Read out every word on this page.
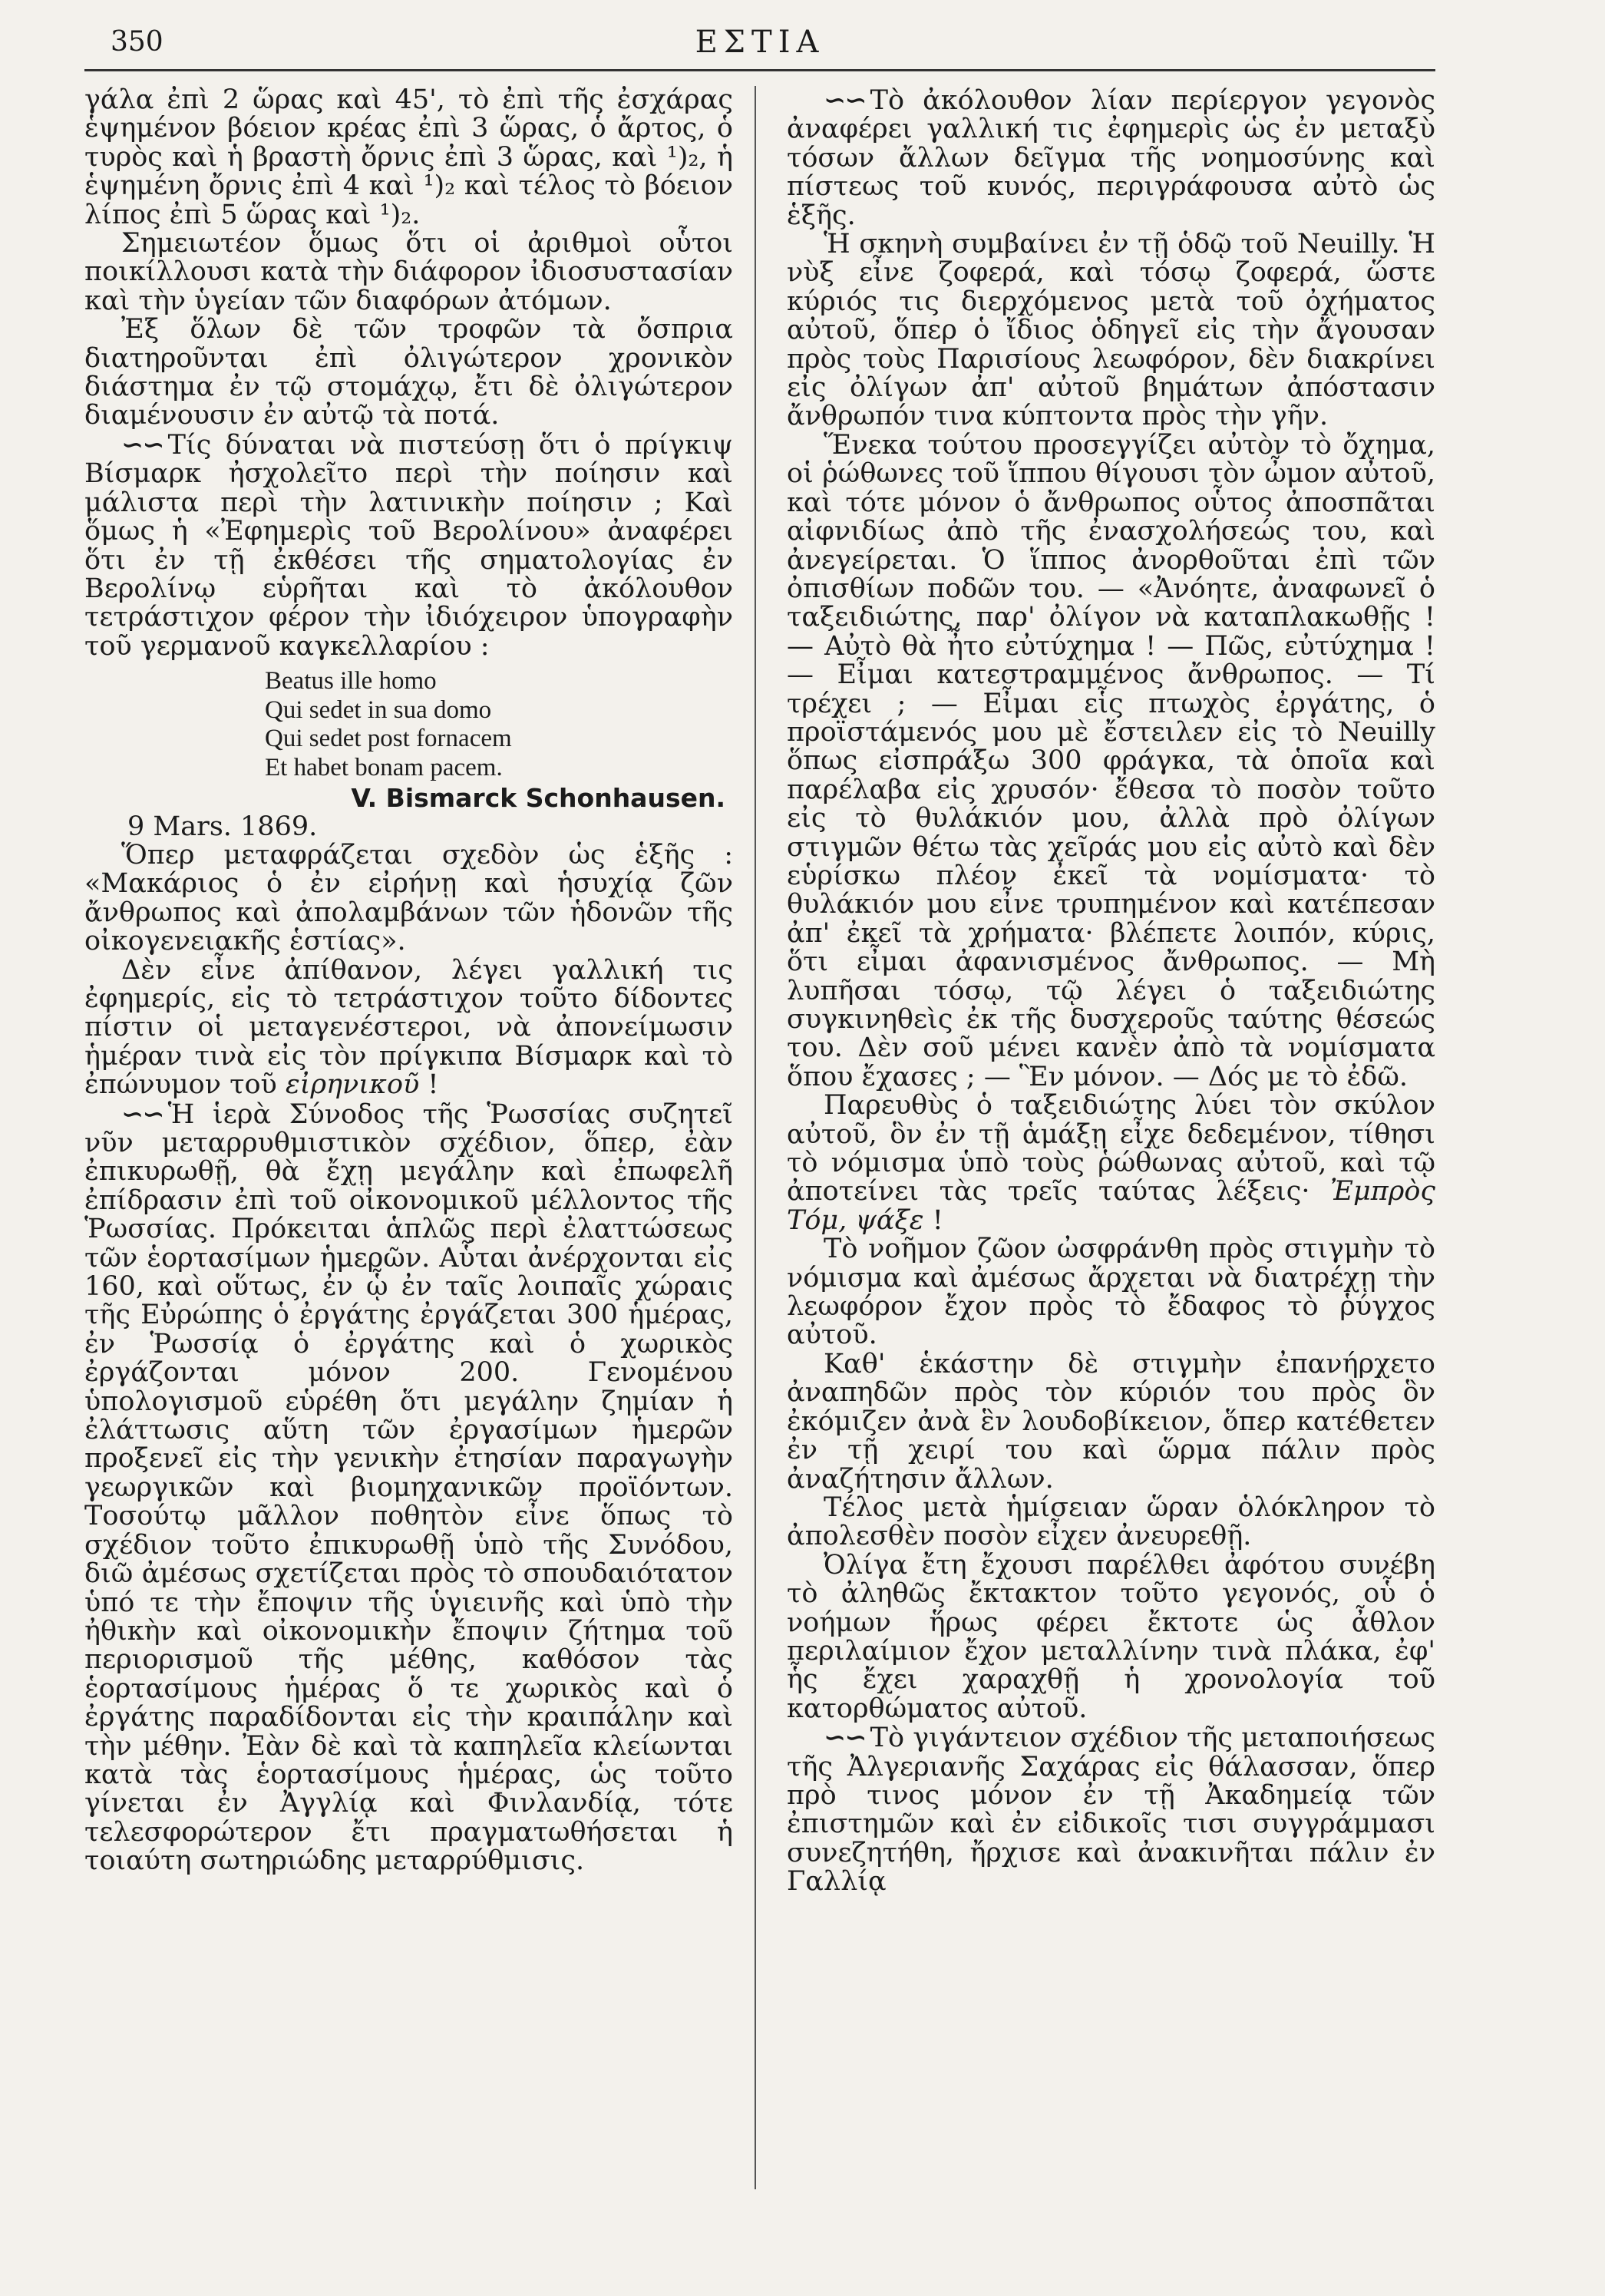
350	ΕΣΤΙΑ

γάλα ἐπὶ 2 ὥρας καὶ 45', τὸ ἐπὶ τῆς ἐσχάρας ἑψημένον βόειον κρέας ἐπὶ 3 ὥρας, ὁ ἄρτος, ὁ τυρὸς καὶ ἡ βραστὴ ὄρνις ἐπὶ 3 ὥρας, καὶ ¹)₂, ἡ ἑψημένη ὄρνις ἐπὶ 4 καὶ ¹)₂ καὶ τέλος τὸ βόειον λίπος ἐπὶ 5 ὥρας καὶ ¹)₂.

Σημειωτέον ὅμως ὅτι οἱ ἀριθμοὶ οὗτοι ποικίλλουσι κατὰ τὴν διάφορον ἰδιοσυστασίαν καὶ τὴν ὑγείαν τῶν διαφόρων ἀτόμων.

Ἐξ ὅλων δὲ τῶν τροφῶν τὰ ὄσπρια διατηροῦνται ἐπὶ ὀλιγώτερον χρονικὸν διάστημα ἐν τῷ στομάχῳ, ἔτι δὲ ὀλιγώτερον διαμένουσιν ἐν αὐτῷ τὰ ποτά.

∽∽ Τίς δύναται νὰ πιστεύσῃ ὅτι ὁ πρίγκιψ Βίσμαρκ ἠσχολεῖτο περὶ τὴν ποίησιν καὶ μάλιστα περὶ τὴν λατινικὴν ποίησιν ; Καὶ ὅμως ἡ «Ἐφημερὶς τοῦ Βερολίνου» ἀναφέρει ὅτι ἐν τῇ ἐκθέσει τῆς σηματολογίας ἐν Βερολίνῳ εὑρῆται καὶ τὸ ἀκόλουθον τετράστιχον φέρον τὴν ἰδιόχειρον ὑπογραφὴν τοῦ γερμανοῦ καγκελλαρίου :

Beatus ille homo
Qui sedet in sua domo
Qui sedet post fornacem
Et habet bonam pacem.
V. Bismarck Schonhausen.
9 Mars. 1869.

Ὅπερ μεταφράζεται σχεδὸν ὡς ἑξῆς : «Μακάριος ὁ ἐν εἰρήνῃ καὶ ἡσυχίᾳ ζῶν ἄνθρωπος καὶ ἀπολαμβάνων τῶν ἡδονῶν τῆς οἰκογενειακῆς ἑστίας».

Δὲν εἶνε ἀπίθανον, λέγει γαλλική τις ἐφημερίς, εἰς τὸ τετράστιχον τοῦτο δίδοντες πίστιν οἱ μεταγενέστεροι, νὰ ἀπονείμωσιν ἡμέραν τινὰ εἰς τὸν πρίγκιπα Βίσμαρκ καὶ τὸ ἐπώνυμον τοῦ εἰρηνικοῦ !

∽∽ Ἡ ἱερὰ Σύνοδος τῆς Ῥωσσίας συζητεῖ νῦν μεταρρυθμιστικὸν σχέδιον, ὅπερ, ἐὰν ἐπικυρωθῇ, θὰ ἔχῃ μεγάλην καὶ ἐπωφελῆ ἐπίδρασιν ἐπὶ τοῦ οἰκονομικοῦ μέλλοντος τῆς Ῥωσσίας. Πρόκειται ἁπλῶς περὶ ἐλαττώσεως τῶν ἑορτασίμων ἡμερῶν. Αὗται ἀνέρχονται εἰς 160, καὶ οὕτως, ἐν ᾧ ἐν ταῖς λοιπαῖς χώραις τῆς Εὐρώπης ὁ ἐργάτης ἐργάζεται 300 ἡμέρας, ἐν Ῥωσσίᾳ ὁ ἐργάτης καὶ ὁ χωρικὸς ἐργάζονται μόνον 200. Γενομένου ὑπολογισμοῦ εὑρέθη ὅτι μεγάλην ζημίαν ἡ ἐλάττωσις αὕτη τῶν ἐργασίμων ἡμερῶν προξενεῖ εἰς τὴν γενικὴν ἐτησίαν παραγωγὴν γεωργικῶν καὶ βιομηχανικῶν προϊόντων. Τοσούτῳ μᾶλλον ποθητὸν εἶνε ὅπως τὸ σχέδιον τοῦτο ἐπικυρωθῇ ὑπὸ τῆς Συνόδου, διῶ ἀμέσως σχετίζεται πρὸς τὸ σπουδαιότατον ὑπό τε τὴν ἔποψιν τῆς ὑγιεινῆς καὶ ὑπὸ τὴν ἠθικὴν καὶ οἰκονομικὴν ἔποψιν ζήτημα τοῦ περιορισμοῦ τῆς μέθης, καθόσον τὰς ἑορτασίμους ἡμέρας ὅ τε χωρικὸς καὶ ὁ ἐργάτης παραδίδονται εἰς τὴν κραιπάλην καὶ τὴν μέθην. Ἐὰν δὲ καὶ τὰ καπηλεῖα κλείωνται κατὰ τὰς ἑορτασίμους ἡμέρας, ὡς τοῦτο γίνεται ἐν Ἀγγλίᾳ καὶ Φινλανδίᾳ, τότε τελεσφορώτερον ἔτι πραγματωθήσεται ἡ τοιαύτη σωτηριώδης μεταρρύθμισις.

∽∽ Τὸ ἀκόλουθον λίαν περίεργον γεγονὸς ἀναφέρει γαλλική τις ἐφημερὶς ὡς ἐν μεταξὺ τόσων ἄλλων δεῖγμα τῆς νοημοσύνης καὶ πίστεως τοῦ κυνός, περιγράφουσα αὐτὸ ὡς ἑξῆς.

Ἡ σκηνὴ συμβαίνει ἐν τῇ ὁδῷ τοῦ Neuilly. Ἡ νὺξ εἶνε ζοφερά, καὶ τόσῳ ζοφερά, ὥστε κύριός τις διερχόμενος μετὰ τοῦ ὀχήματος αὐτοῦ, ὅπερ ὁ ἴδιος ὁδηγεῖ εἰς τὴν ἄγουσαν πρὸς τοὺς Παρισίους λεωφόρον, δὲν διακρίνει εἰς ὀλίγων ἀπ' αὐτοῦ βημάτων ἀπόστασιν ἄνθρωπόν τινα κύπτοντα πρὸς τὴν γῆν.

Ἕνεκα τούτου προσεγγίζει αὐτὸν τὸ ὄχημα, οἱ ῥώθωνες τοῦ ἵππου θίγουσι τὸν ὦμον αὐτοῦ, καὶ τότε μόνον ὁ ἄνθρωπος οὗτος ἀποσπᾶται αἰφνιδίως ἀπὸ τῆς ἐνασχολήσεώς του, καὶ ἀνεγείρεται. Ὁ ἵππος ἀνορθοῦται ἐπὶ τῶν ὀπισθίων ποδῶν του. — «Ἀνόητε, ἀναφωνεῖ ὁ ταξειδιώτης, παρ' ὀλίγον νὰ καταπλακωθῇς ! — Αὐτὸ θὰ ἦτο εὐτύχημα ! — Πῶς, εὐτύχημα ! — Εἶμαι κατεστραμμένος ἄνθρωπος. — Τί τρέχει ; — Εἶμαι εἷς πτωχὸς ἐργάτης, ὁ προϊστάμενός μου μὲ ἔστειλεν εἰς τὸ Neuilly ὅπως εἰσπράξω 300 φράγκα, τὰ ὁποῖα καὶ παρέλαβα εἰς χρυσόν· ἔθεσα τὸ ποσὸν τοῦτο εἰς τὸ θυλάκιόν μου, ἀλλὰ πρὸ ὀλίγων στιγμῶν θέτω τὰς χεῖράς μου εἰς αὐτὸ καὶ δὲν εὑρίσκω πλέον ἐκεῖ τὰ νομίσματα· τὸ θυλάκιόν μου εἶνε τρυπημένον καὶ κατέπεσαν ἀπ' ἐκεῖ τὰ χρήματα· βλέπετε λοιπόν, κύρις, ὅτι εἶμαι ἀφανισμένος ἄνθρωπος. — Μὴ λυπῆσαι τόσῳ, τῷ λέγει ὁ ταξειδιώτης συγκινηθεὶς ἐκ τῆς δυσχεροῦς ταύτης θέσεώς του. Δὲν σοῦ μένει κανὲν ἀπὸ τὰ νομίσματα ὅπου ἔχασες ; — Ἓν μόνον. — Δός με τὸ ἐδῶ.

Παρευθὺς ὁ ταξειδιώτης λύει τὸν σκύλον αὐτοῦ, ὃν ἐν τῇ ἁμάξῃ εἶχε δεδεμένον, τίθησι τὸ νόμισμα ὑπὸ τοὺς ῥώθωνας αὐτοῦ, καὶ τῷ ἀποτείνει τὰς τρεῖς ταύτας λέξεις· Ἐμπρὸς Τόμ, ψάξε !

Τὸ νοῆμον ζῶον ὠσφράνθη πρὸς στιγμὴν τὸ νόμισμα καὶ ἀμέσως ἄρχεται νὰ διατρέχῃ τὴν λεωφόρον ἔχον πρὸς τὸ ἔδαφος τὸ ῥύγχος αὐτοῦ.

Καθ' ἑκάστην δὲ στιγμὴν ἐπανήρχετο ἀναπηδῶν πρὸς τὸν κύριόν του πρὸς ὃν ἐκόμιζεν ἀνὰ ἓν λουδοβίκειον, ὅπερ κατέθετεν ἐν τῇ χειρί του καὶ ὥρμα πάλιν πρὸς ἀναζήτησιν ἄλλων.

Τέλος μετὰ ἡμίσειαν ὥραν ὁλόκληρον τὸ ἀπολεσθὲν ποσὸν εἶχεν ἀνευρεθῇ.

Ὀλίγα ἔτη ἔχουσι παρέλθει ἀφότου συνέβη τὸ ἀληθῶς ἔκτακτον τοῦτο γεγονός, οὗ ὁ νοήμων ἥρως φέρει ἔκτοτε ὡς ἆθλον περιλαίμιον ἔχον μεταλλίνην τινὰ πλάκα, ἐφ' ἧς ἔχει χαραχθῇ ἡ χρονολογία τοῦ κατορθώματος αὐτοῦ.

∽∽ Τὸ γιγάντειον σχέδιον τῆς μεταποιήσεως τῆς Ἀλγεριανῆς Σαχάρας εἰς θάλασσαν, ὅπερ πρὸ τινος μόνον ἐν τῇ Ἀκαδημείᾳ τῶν ἐπιστημῶν καὶ ἐν εἰδικοῖς τισι συγγράμμασι συνεζητήθη, ἤρχισε καὶ ἀνακινῆται πάλιν ἐν Γαλλίᾳ
